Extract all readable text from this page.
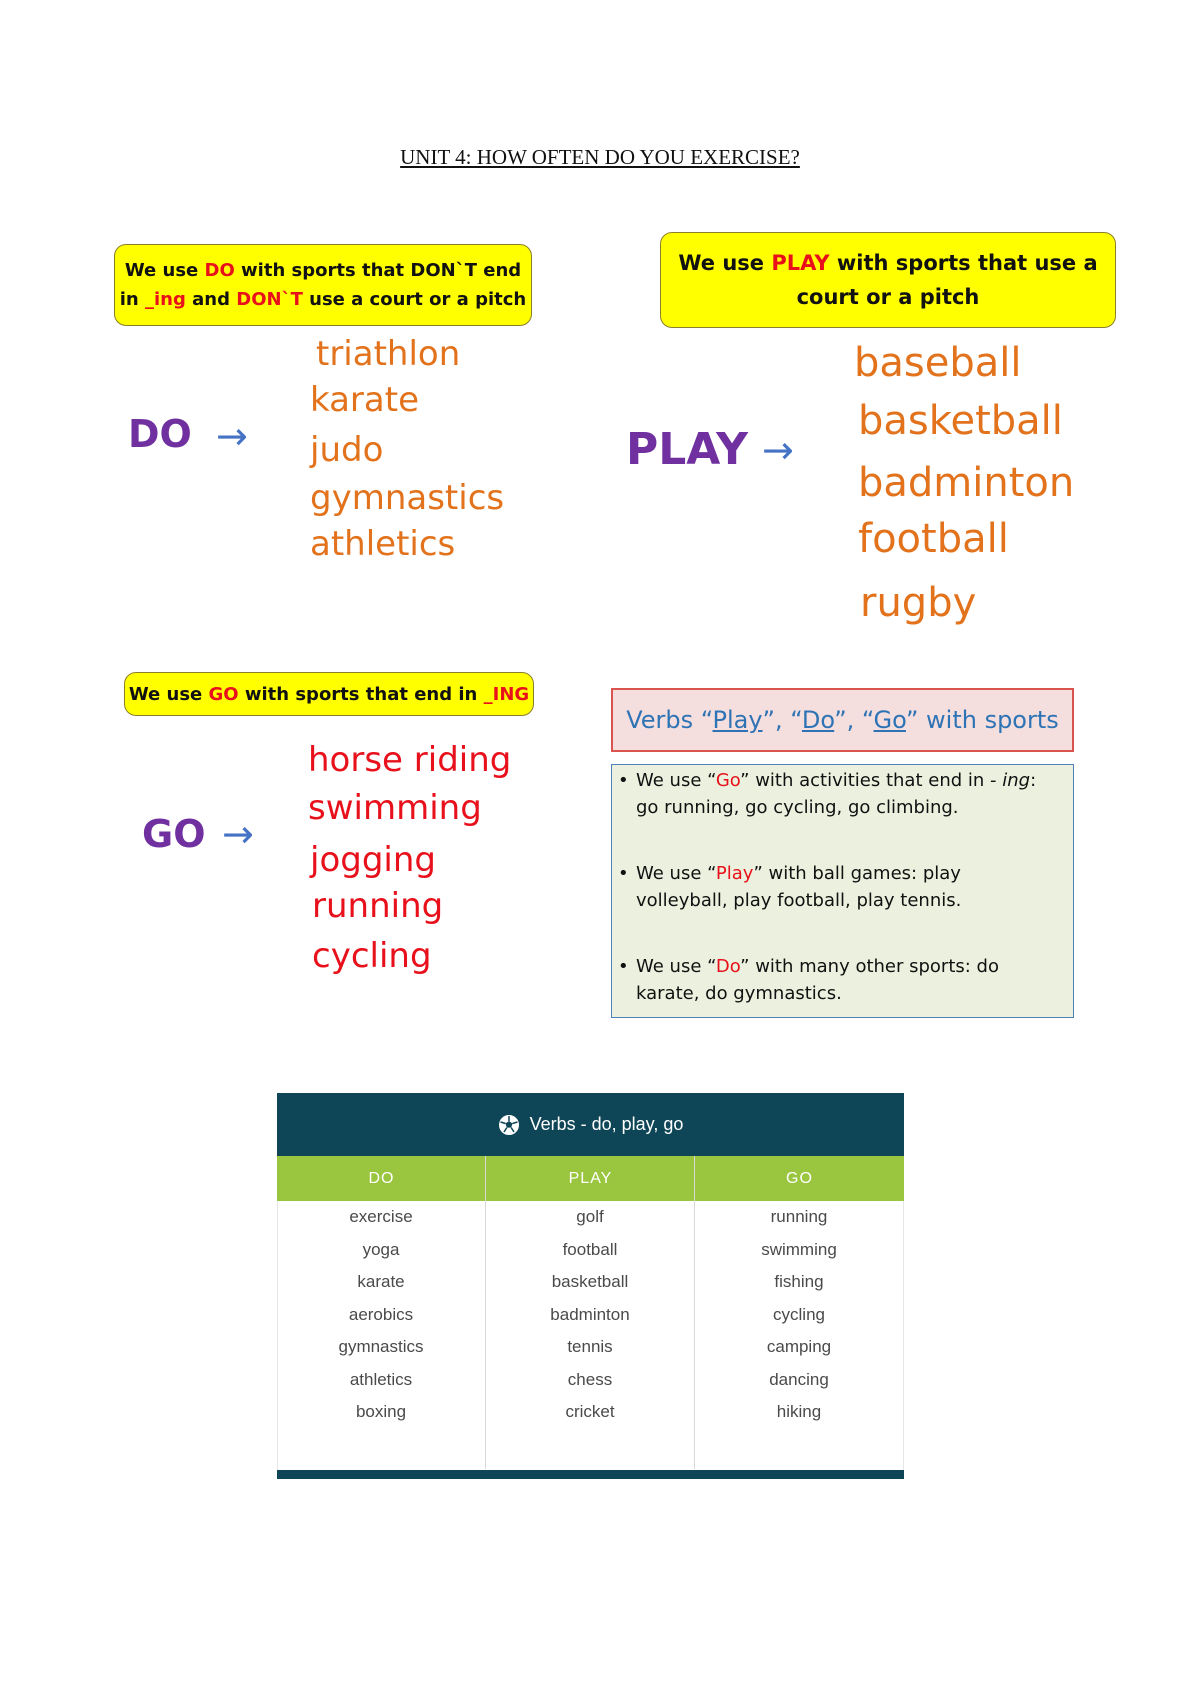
UNIT 4: HOW OFTEN DO YOU EXERCISE?
We use DO with sports that DON`T end
in _ing and DON`T use a court or a pitch
We use PLAY with sports that use a
court or a pitch
DO →
triathlon
karate
judo
gymnastics
athletics
PLAY →
baseball
basketball
badminton
football
rugby
We use GO with sports that end in _ING
GO →
horse riding
swimming
jogging
running
cycling
Verbs “Play”, “Do”, “Go” with sports
• We use “Go” with activities that end in - ing:
go running, go cycling, go climbing.
• We use “Play” with ball games: play
volleyball, play football, play tennis.
• We use “Do” with many other sports: do
karate, do gymnastics.
Verbs - do, play, go
DO	PLAY	GO
exercise
yoga
karate
aerobics
gymnastics
athletics
boxing
golf
football
basketball
badminton
tennis
chess
cricket
running
swimming
fishing
cycling
camping
dancing
hiking
